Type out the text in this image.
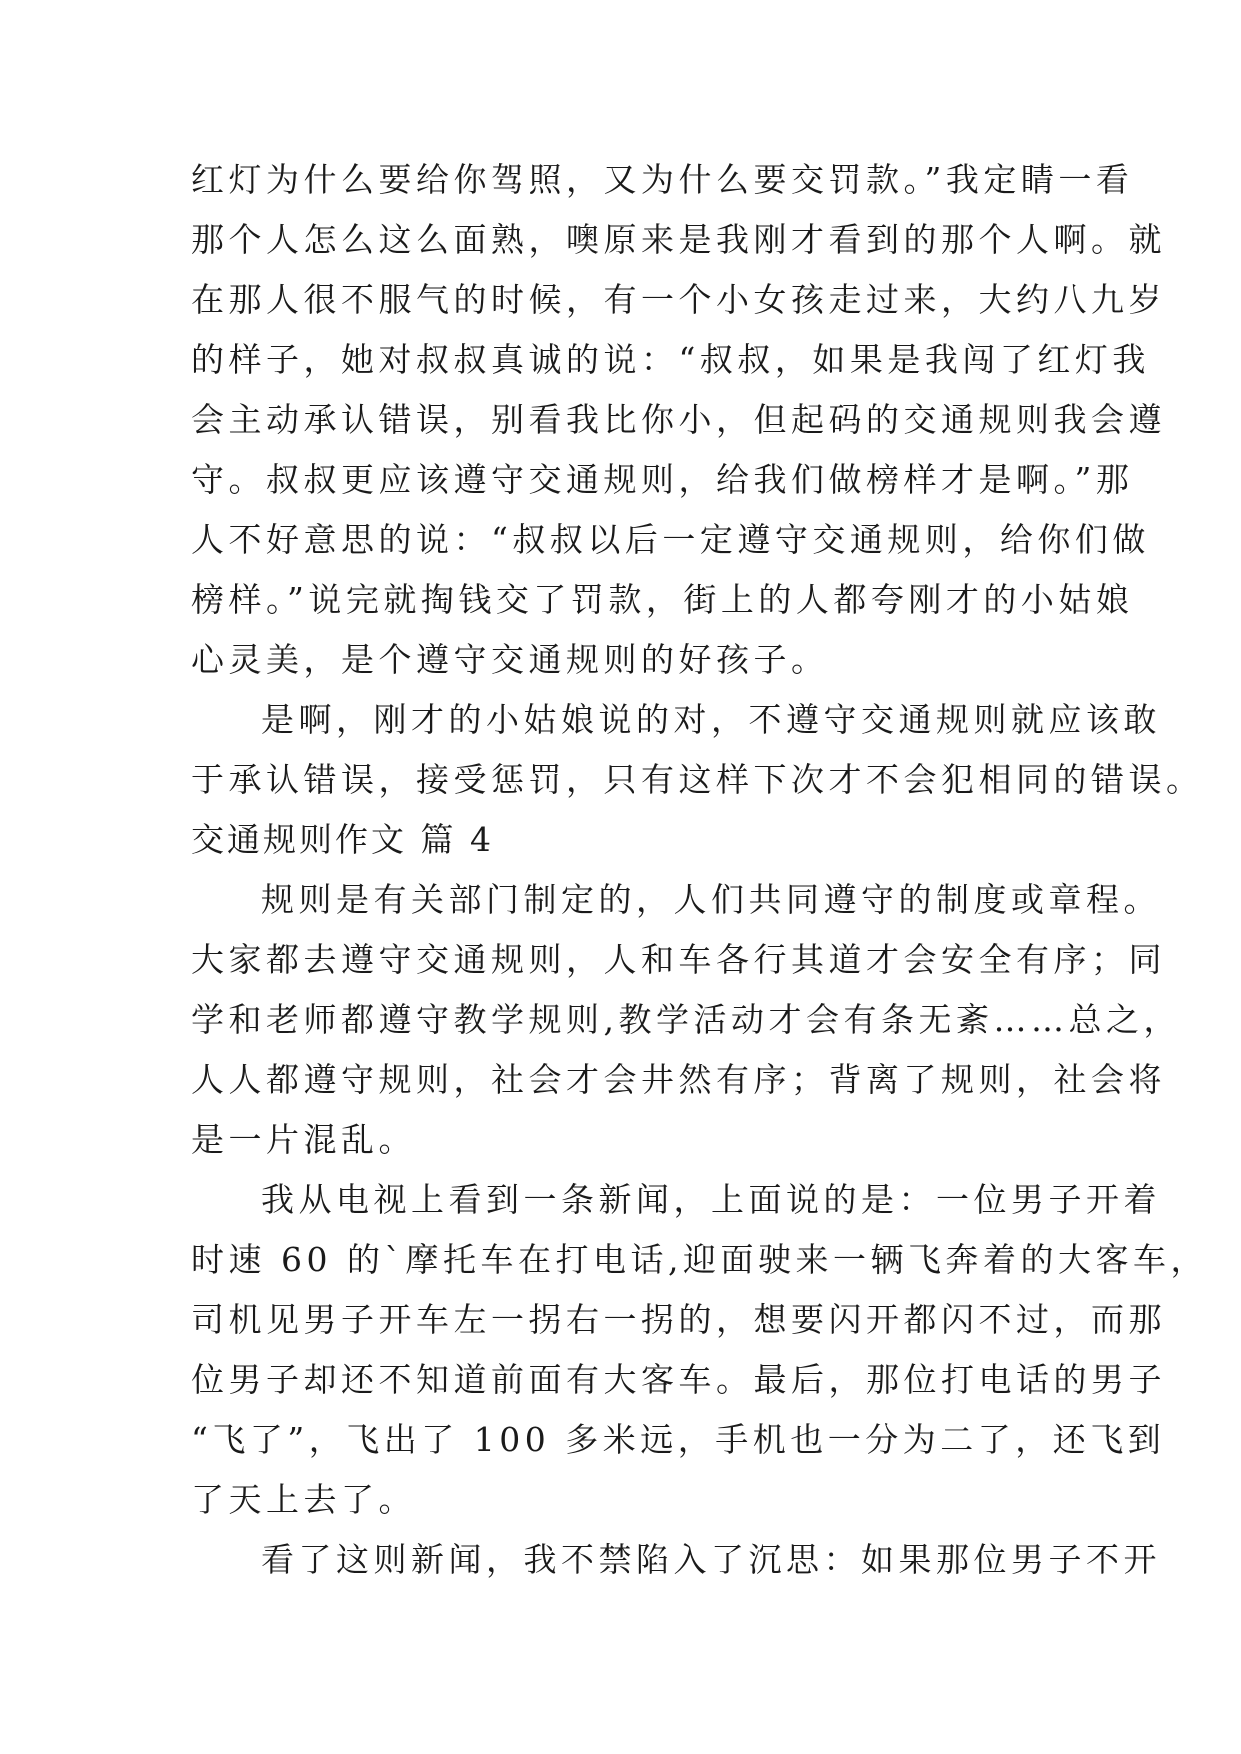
红灯为什么要给你驾照，又为什么要交罚款。”我定睛一看
那个人怎么这么面熟，噢原来是我刚才看到的那个人啊。就
在那人很不服气的时候，有一个小女孩走过来，大约八九岁
的样子，她对叔叔真诚的说：“叔叔，如果是我闯了红灯我
会主动承认错误，别看我比你小，但起码的交通规则我会遵
守。叔叔更应该遵守交通规则，给我们做榜样才是啊。”那
人不好意思的说：“叔叔以后一定遵守交通规则，给你们做
榜样。”说完就掏钱交了罚款，街上的人都夸刚才的小姑娘
心灵美，是个遵守交通规则的好孩子。
是啊，刚才的小姑娘说的对，不遵守交通规则就应该敢
于承认错误，接受惩罚，只有这样下次才不会犯相同的错误。
交通规则作文 篇 4
规则是有关部门制定的，人们共同遵守的制度或章程。
大家都去遵守交通规则，人和车各行其道才会安全有序；同
学和老师都遵守教学规则,教学活动才会有条无紊……总之，
人人都遵守规则，社会才会井然有序；背离了规则，社会将
是一片混乱。
我从电视上看到一条新闻，上面说的是：一位男子开着
时速 60 的`摩托车在打电话,迎面驶来一辆飞奔着的大客车，
司机见男子开车左一拐右一拐的，想要闪开都闪不过，而那
位男子却还不知道前面有大客车。最后，那位打电话的男子
“飞了”，飞出了 100 多米远，手机也一分为二了，还飞到
了天上去了。
看了这则新闻，我不禁陷入了沉思：如果那位男子不开
